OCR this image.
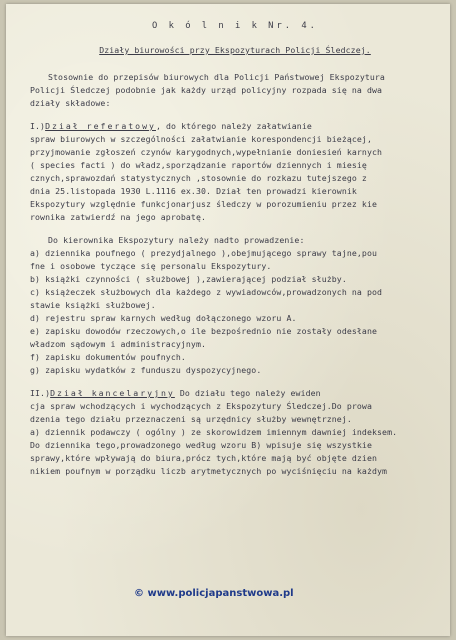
O k ó l n i k Nr. 4.
Działy biurowości przy Ekspozyturach Policji Śledczej.
Stosownie do przepisów biurowych dla Policji Państwowej Ekspozytura
Policji Śledczej podobnie jak każdy urząd policyjny rozpada się na dwa
działy składowe:
I.)Dział referatowy, do którego należy załatwianie
spraw biurowych w szczególności załatwianie korespondencji bieżącej,
przyjmowanie zgłoszeń czynów karygodnych,wypełnianie doniesień karnych
( species facti ) do władz,sporządzanie raportów dziennych i miesię
cznych,sprawozdań statystycznych ,stosownie do rozkazu tutejszego z
dnia 25.listopada 1930 L.1116 ex.30. Dział ten prowadzi kierownik
Ekspozytury względnie funkcjonarjusz śledczy w porozumieniu przez kie
rownika zatwierdź na jego aprobatę.
Do kierownika Ekspozytury należy nadto prowadzenie:
a) dziennika poufnego ( prezydjalnego ),obejmującego sprawy tajne,pou
fne i osobowe tyczące się personalu Ekspozytury.
b) książki czynności ( służbowej ),zawierającej podział służby.
c) książeczek służbowych dla każdego z wywiadowców,prowadzonych na pod
stawie książki służbowej.
d) rejestru spraw karnych według dołączonego wzoru A.
e) zapisku dowodów rzeczowych,o ile bezpośrednio nie zostały odesłane
władzom sądowym i administracyjnym.
f) zapisku dokumentów poufnych.
g) zapisku wydatków z funduszu dyspozycyjnego.
II.)Dział kancelaryjny Do działu tego należy ewiden
cja spraw wchodzących i wychodzących z Ekspozytury Śledczej.Do prowa
dzenia tego działu przeznaczeni są urzędnicy służby wewnętrznej.
a) dziennik podawczy ( ogólny ) ze skorowidzem imiennym dawniej indeksem.
Do dziennika tego,prowadzonego według wzoru B) wpisuje się wszystkie
sprawy,które wpływają do biura,prócz tych,które mają być objęte dzien
nikiem poufnym w porządku liczb arytmetycznych po wyciśnięciu na każdym
© www.policjapanstwowa.pl
